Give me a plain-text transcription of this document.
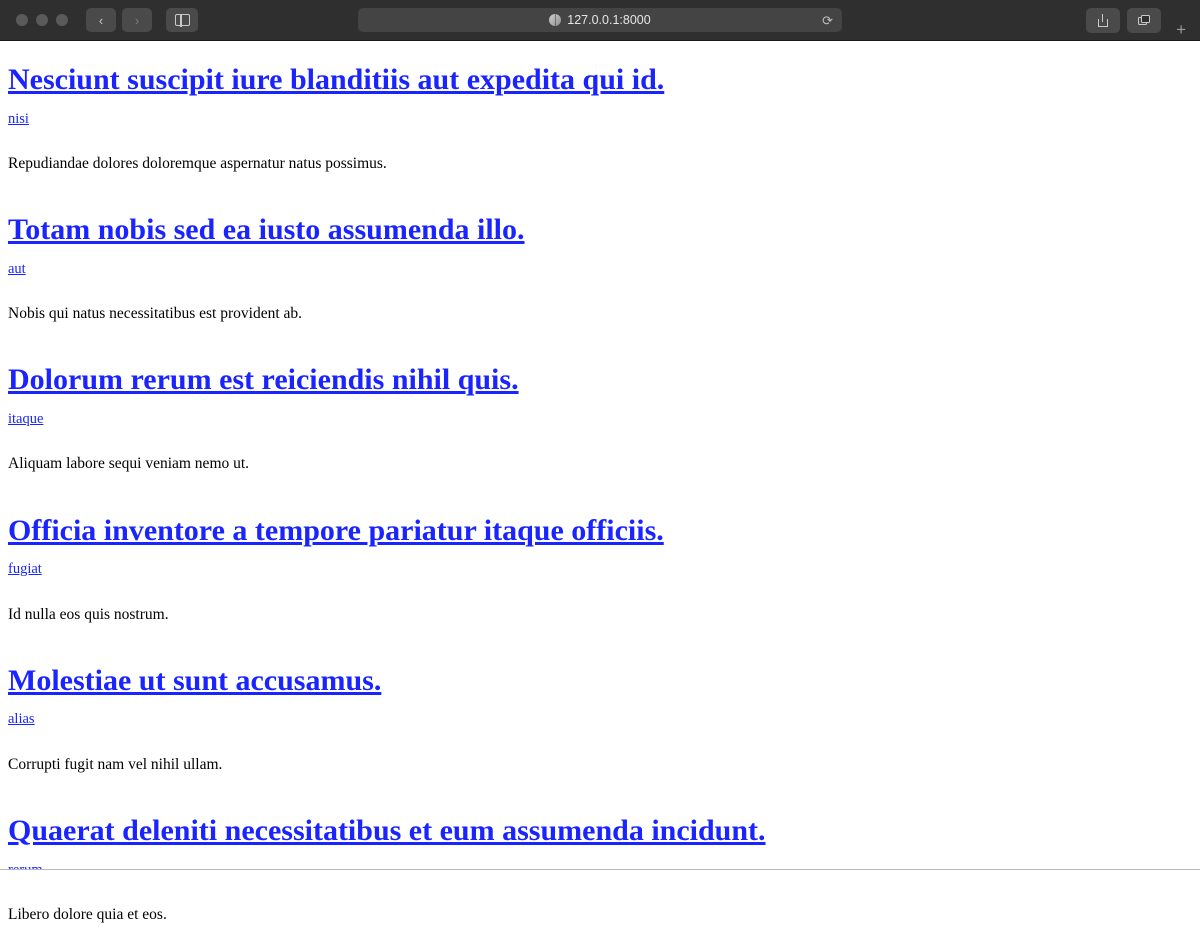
‹ ›	127.0.0.1:8000	⟳	+
Nesciunt suscipit iure blanditiis aut expedita qui id.
nisi

Repudiandae dolores doloremque aspernatur natus possimus.

Totam nobis sed ea iusto assumenda illo.
aut

Nobis qui natus necessitatibus est provident ab.

Dolorum rerum est reiciendis nihil quis.
itaque

Aliquam labore sequi veniam nemo ut.

Officia inventore a tempore pariatur itaque officiis.
fugiat

Id nulla eos quis nostrum.

Molestiae ut sunt accusamus.
alias

Corrupti fugit nam vel nihil ullam.

Quaerat deleniti necessitatibus et eum assumenda incidunt.

Libero dolore quia et eos.
